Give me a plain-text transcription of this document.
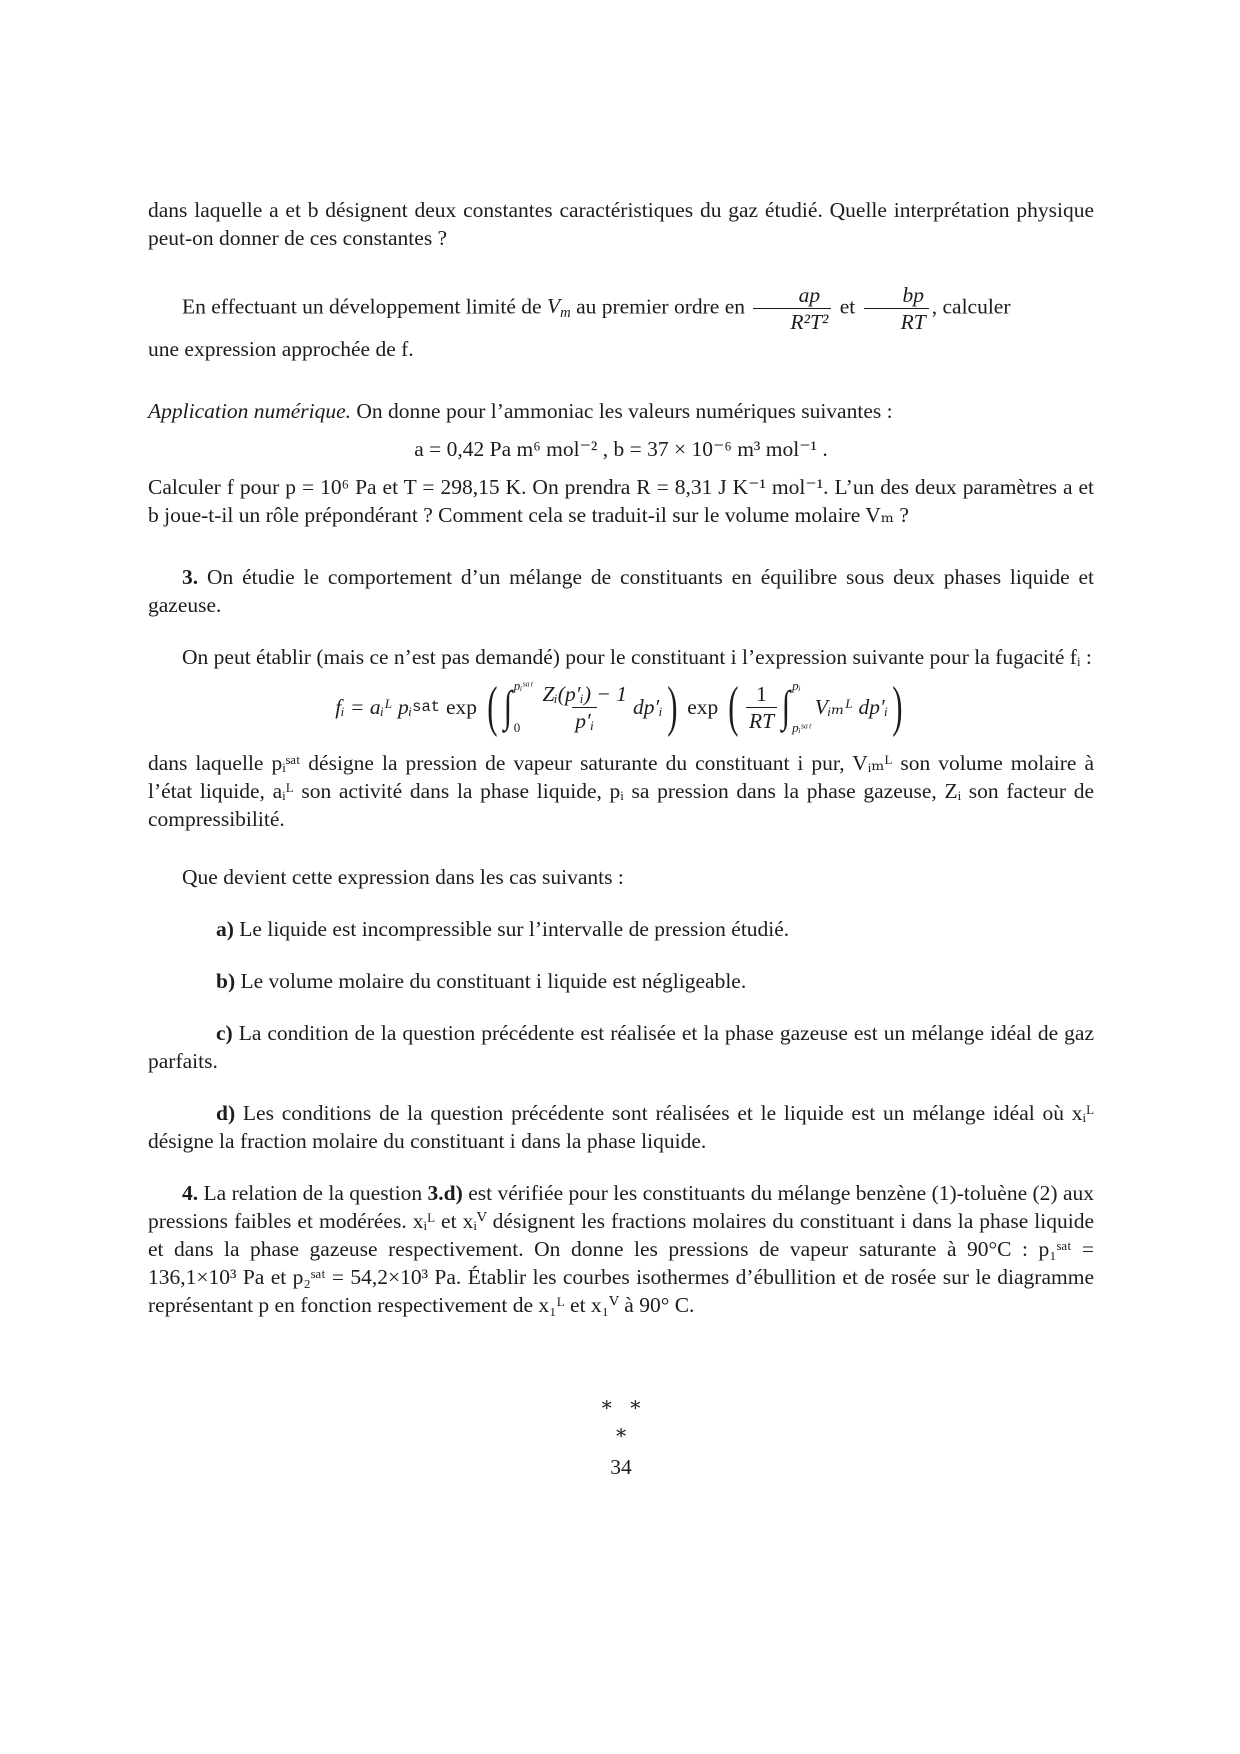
dans laquelle a et b désignent deux constantes caractéristiques du gaz étudié. Quelle interprétation physique peut-on donner de ces constantes ?

En effectuant un développement limité de $V_m$ au premier ordre en $\frac{ap}{\text{R²T²}}$ et $\frac{bp}{RT}$ , calculer

une expression approchée de f.

Application numérique. On donne pour l’ammoniac les valeurs numériques suivantes :

a = 0,42 Pa m⁶ mol⁻² , b = 37 × 10⁻⁶ m³ mol⁻¹ .

Calculer f pour p = 10⁶ Pa et T = 298,15 K. On prendra R = 8,31 J K⁻¹ mol⁻¹. L’un des deux paramètres a et b joue-t-il un rôle prépondérant ? Comment cela se traduit-il sur le volume molaire Vₘ ?

3. On étudie le comportement d’un mélange de constituants en équilibre sous deux phases liquide et gazeuse.

On peut établir (mais ce n’est pas demandé) pour le constituant i l’expression suivante pour la fugacité fᵢ :

fᵢ = aᵢᴸ pᵢ sat exp ( ∫ pᵢˢᵃᵗ
$0 \frac{\text{Zᵢ(p′ᵢ) − 1}}{\text{p′ᵢ}}$ dp′ᵢ ) exp ( $\frac{1}{RT}$ ∫ pᵢ
pᵢˢᵃᵗ
Vᵢₘᴸ dp′ᵢ )

dans laquelle pᵢˢᵃᵗ désigne la pression de vapeur saturante du constituant i pur, Vᵢₘᴸ son volume molaire à l’état liquide, aᵢᴸ son activité dans la phase liquide, pᵢ sa pression dans la phase gazeuse, Zᵢ son facteur de compressibilité.

Que devient cette expression dans les cas suivants :

a) Le liquide est incompressible sur l’intervalle de pression étudié.

b) Le volume molaire du constituant i liquide est négligeable.

c) La condition de la question précédente est réalisée et la phase gazeuse est un mélange idéal de gaz parfaits.

d) Les conditions de la question précédente sont réalisées et le liquide est un mélange idéal où xᵢᴸ désigne la fraction molaire du constituant i dans la phase liquide.

4. La relation de la question 3.d) est vérifiée pour les constituants du mélange benzène (1)-toluène (2) aux pressions faibles et modérées. xᵢᴸ et xᵢⱽ désignent les fractions molaires du constituant i dans la phase liquide et dans la phase gazeuse respectivement. On donne les pressions de vapeur saturante à 90°C : p₁ˢᵃᵗ = 136,1×10³ Pa et p₂ˢᵃᵗ = 54,2×10³ Pa. Établir les courbes isothermes d’ébullition et de rosée sur le diagramme représentant p en fonction respectivement de x₁ᴸ et x₁ⱽ à 90° C.

∗   ∗
∗
34
